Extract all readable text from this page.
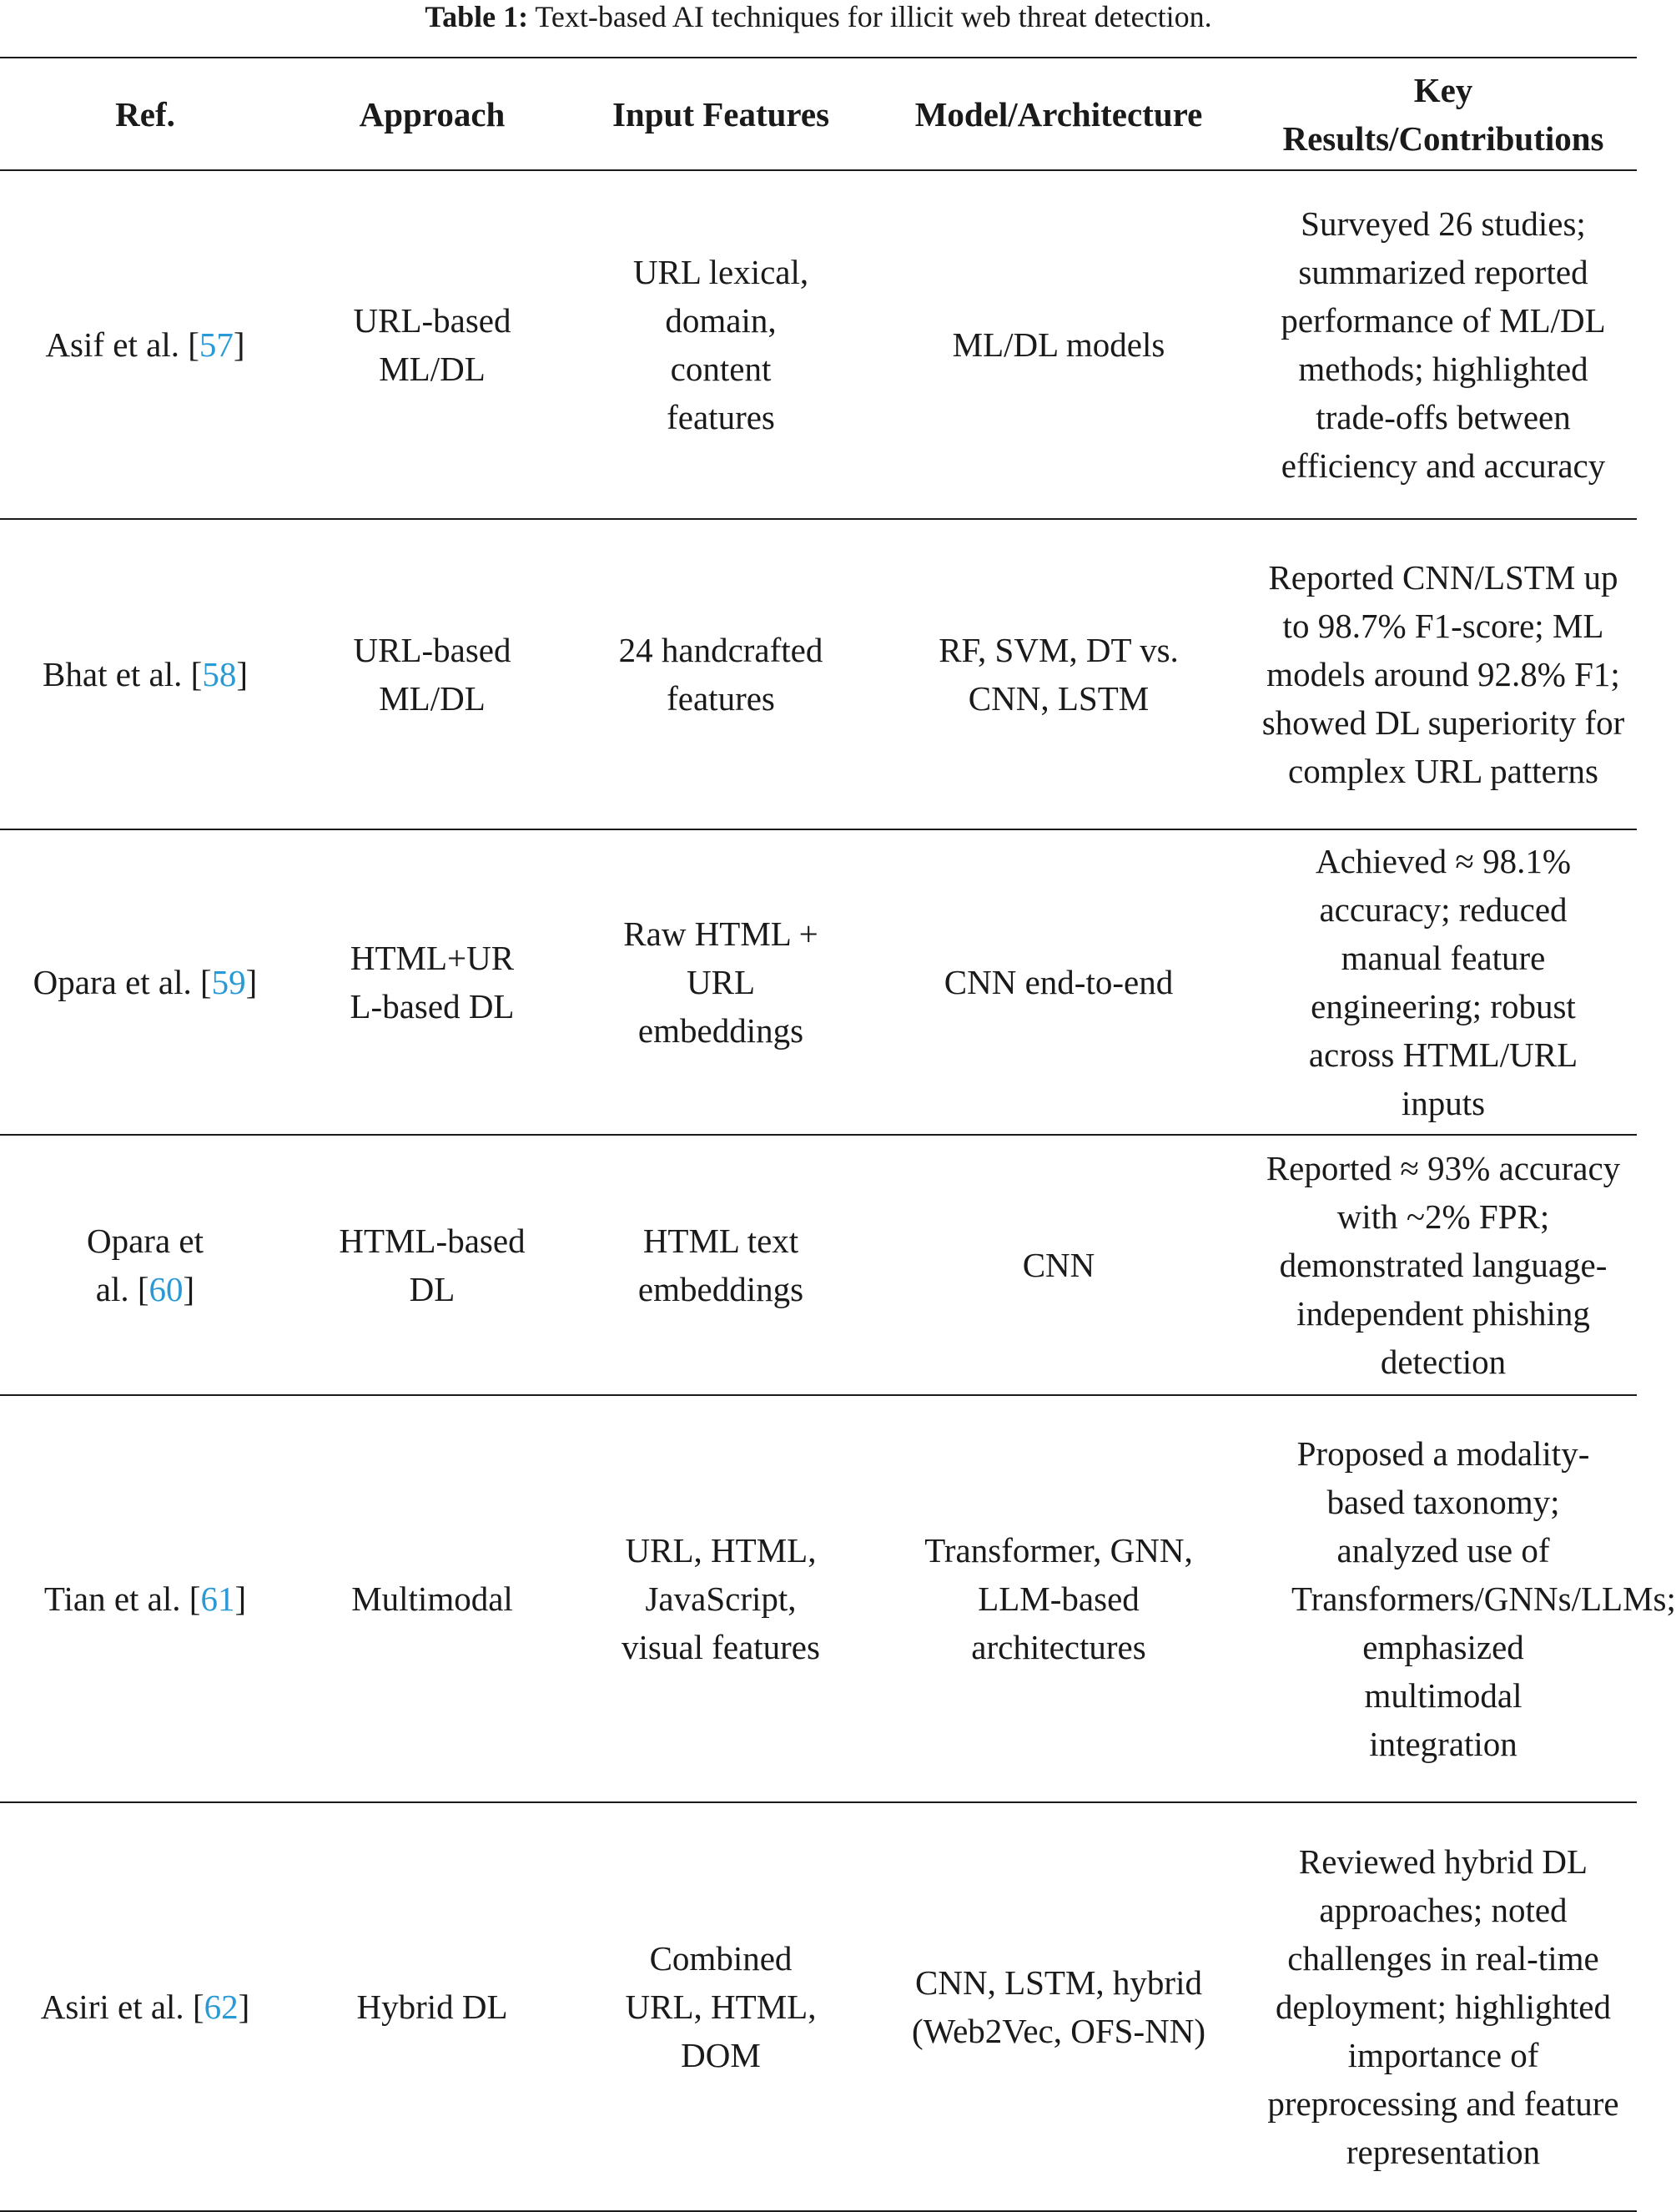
Table 1: Text-based AI techniques for illicit web threat detection.
Ref.	Approach	Input Features	Model/Architecture	Key Results/Contributions
Asif et al. [57]	URL-based ML/DL	URL lexical, domain, content features	ML/DL models	Surveyed 26 studies; summarized reported performance of ML/DL methods; highlighted trade-offs between efficiency and accuracy
Bhat et al. [58]	URL-based ML/DL	24 handcrafted features	RF, SVM, DT vs. CNN, LSTM	Reported CNN/LSTM up to 98.7% F1-score; ML models around 92.8% F1; showed DL superiority for complex URL patterns
Opara et al. [59]	HTML+URL-based DL	Raw HTML + URL embeddings	CNN end-to-end	Achieved ≈ 98.1% accuracy; reduced manual feature engineering; robust across HTML/URL inputs
Opara et al. [60]	HTML-based DL	HTML text embeddings	CNN	Reported ≈ 93% accuracy with ~2% FPR; demonstrated language-independent phishing detection
Tian et al. [61]	Multimodal	URL, HTML, JavaScript, visual features	Transformer, GNN, LLM-based architectures	Proposed a modality-based taxonomy; analyzed use of Transformers/GNNs/LLMs; emphasized multimodal integration
Asiri et al. [62]	Hybrid DL	Combined URL, HTML, DOM	CNN, LSTM, hybrid (Web2Vec, OFS-NN)	Reviewed hybrid DL approaches; noted challenges in real-time deployment; highlighted importance of preprocessing and feature representation
